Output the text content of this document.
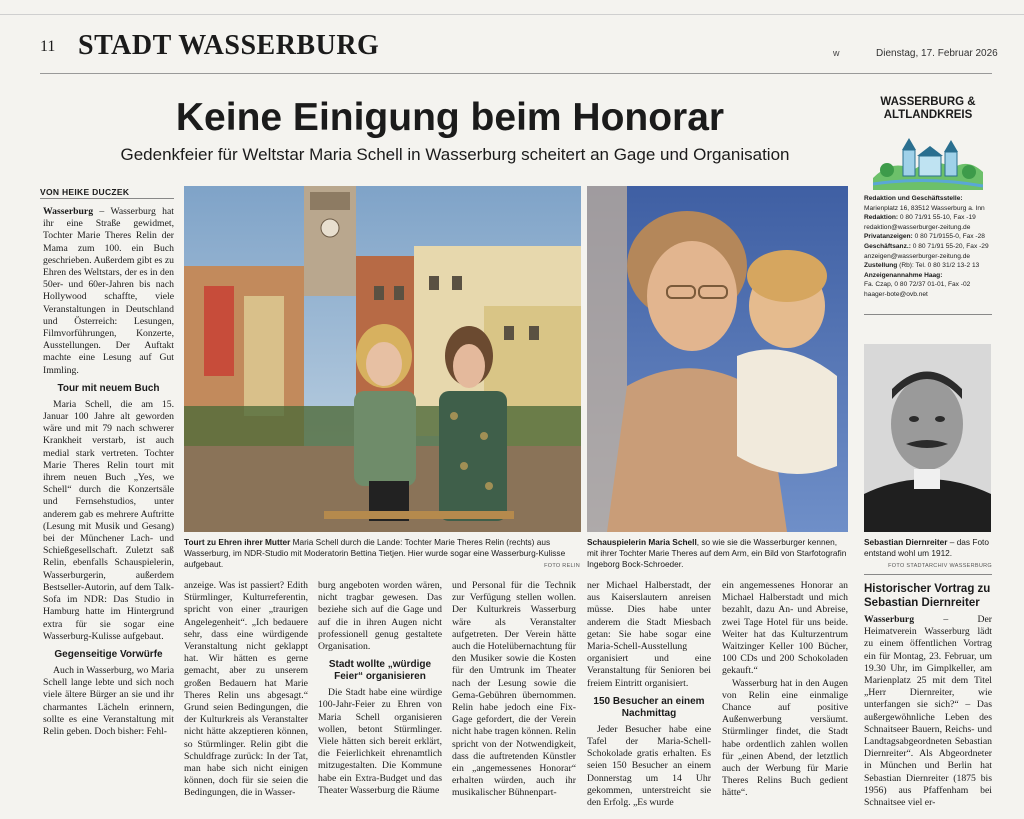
11 STADT WASSERBURG	w	Dienstag, 17. Februar 2026
Keine Einigung beim Honorar
Gedenkfeier für Weltstar Maria Schell in Wasserburg scheitert an Gage und Organisation
VON HEIKE DUCZEK

Wasserburg – Wasserburg hat ihr eine Straße gewidmet, Tochter Marie Theres Relin der Mama zum 100. ein Buch geschrieben. Außerdem gibt es zu Ehren des Weltstars, der es in den 50er- und 60er-Jahren bis nach Hollywood schaffte, viele Veranstaltungen in Deutschland und Österreich: Lesungen, Filmvorführungen, Konzerte, Ausstellungen. Der Auftakt machte eine Lesung auf Gut Immling.

Tour mit neuem Buch

Maria Schell, die am 15. Januar 100 Jahre alt geworden wäre und mit 79 nach schwerer Krankheit verstarb, ist auch medial stark vertreten. Tochter Marie Theres Relin tourt mit ihrem neuen Buch „Yes, we Schell“ durch die Konzertsäle und Fernsehstudios, unter anderem gab es mehrere Auftritte (Lesung mit Musik und Gesang) bei der Münchener Lach- und Schießgesellschaft. Zuletzt saß Relin, ebenfalls Schauspielerin, Wasserburgerin, außerdem Bestseller-Autorin, auf dem Talk-Sofa im NDR: Das Studio in Hamburg hatte im Hintergrund extra für sie sogar eine Wasserburg-Kulisse aufgebaut.

Gegenseitige Vorwürfe

Auch in Wasserburg, wo Maria Schell lange lebte und sich noch viele ältere Bürger an sie und ihr charmantes Lächeln erinnern, sollte es eine Veranstaltung mit Relin geben. Doch bisher: Fehl-

Tourt zu Ehren ihrer Mutter Maria Schell durch die Lande: Tochter Marie Theres Relin (rechts) aus Wasserburg, im NDR-Studio mit Moderatorin Bettina Tietjen. Hier wurde sogar eine Wasserburg-Kulisse aufgebaut.	FOTO RELIN
Schauspielerin Maria Schell, so wie sie die Wasserburger kennen, mit ihrer Tochter Marie Theres auf dem Arm, ein Bild von Starfotografin Ingeborg Bock-Schroeder.

anzeige. Was ist passiert? Edith Stürmlinger, Kulturreferentin, spricht von einer „traurigen Angelegenheit“. „Ich bedauere sehr, dass eine würdigende Veranstaltung nicht geklappt hat. Wir hätten es gerne gemacht, aber zu unserem großen Bedauern hat Marie Theres Relin uns abgesagt.“ Grund seien Bedingungen, die der Kulturkreis als Veranstalter nicht hätte akzeptieren können, so Stürmlinger. Relin gibt die Schuldfrage zurück: In der Tat, man habe sich nicht einigen können, doch für sie seien die Bedingungen, die in Wasser-

burg angeboten worden wären, nicht tragbar gewesen. Das beziehe sich auf die Gage und auf die in ihren Augen nicht professionell genug gestaltete Organisation.

Stadt wollte „würdige Feier“ organisieren

Die Stadt habe eine würdige 100-Jahr-Feier zu Ehren von Maria Schell organisieren wollen, betont Stürmlinger. Viele hätten sich bereit erklärt, die Feierlichkeit ehrenamtlich mitzugestalten. Die Kommune habe ein Extra-Budget und das Theater Wasserburg die Räume

und Personal für die Technik zur Verfügung stellen wollen. Der Kulturkreis Wasserburg wäre als Veranstalter aufgetreten. Der Verein hätte auch die Hotelübernachtung für den Musiker sowie die Kosten für den Umtrunk im Theater nach der Lesung sowie die Gema-Gebühren übernommen. Relin habe jedoch eine Fix-Gage gefordert, die der Verein nicht habe tragen können. Relin spricht von der Notwendigkeit, dass die auftretenden Künstler ein „angemessenes Honorar“ erhalten würden, auch ihr musikalischer Bühnenpart-

ner Michael Halberstadt, der aus Kaiserslautern anreisen müsse. Dies habe unter anderem die Stadt Miesbach getan: Sie habe sogar eine Maria-Schell-Ausstellung organisiert und eine Veranstaltung für Senioren bei freiem Eintritt organisiert.

150 Besucher an einem Nachmittag

Jeder Besucher habe eine Tafel der Maria-Schell-Schokolade gratis erhalten. Es seien 150 Besucher an einem Donnerstag um 14 Uhr gekommen, unterstreicht sie den Erfolg. „Es wurde

ein angemessenes Honorar an Michael Halberstadt und mich bezahlt, dazu An- und Abreise, zwei Tage Hotel für uns beide. Weiter hat das Kulturzentrum Waitzinger Keller 100 Bücher, 100 CDs und 200 Schokoladen gekauft.“

Wasserburg hat in den Augen von Relin eine einmalige Chance auf positive Außenwerbung versäumt. Stürmlinger findet, die Stadt habe ordentlich zahlen wollen für „einen Abend, der letztlich auch der Werbung für Marie Theres Relins Buch gedient hätte“.

WASSERBURG & ALTLANDKREIS
Redaktion und Geschäftsstelle:
Marienplatz 16, 83512 Wasserburg a. Inn
Redaktion: 0 80 71/91 55-10, Fax -19
redaktion@wasserburger-zeitung.de
Privatanzeigen: 0 80 71/9155-0, Fax -28
Geschäftsanz.: 0 80 71/91 55-20, Fax -29
anzeigen@wasserburger-zeitung.de
Zustellung (Rb): Tel. 0 80 31/2 13-2 13
Anzeigenannahme Haag:
Fa. Czap, 0 80 72/37 01-01, Fax -02
haager-bote@ovb.net
Sebastian Diernreiter – das Foto entstand wohl um 1912.
FOTO STADTARCHIV WASSERBURG
Historischer Vortrag zu Sebastian Diernreiter

Wasserburg – Der Heimatverein Wasserburg lädt zu einem öffentlichen Vortrag ein für Montag, 23. Februar, um 19.30 Uhr, im Gimplkeller, am Marienplatz 25 mit dem Titel „Herr Diernreiter, wie unterfangen sie sich?“ – Das außergewöhnliche Leben des Schnaitseer Bauern, Reichs- und Landtagsabgeordneten Sebastian Diernreiter“. Als Abgeordneter in München und Berlin hat Sebastian Diernreiter (1875 bis 1956) aus Pfaffenham bei Schnaitsee viel er-
